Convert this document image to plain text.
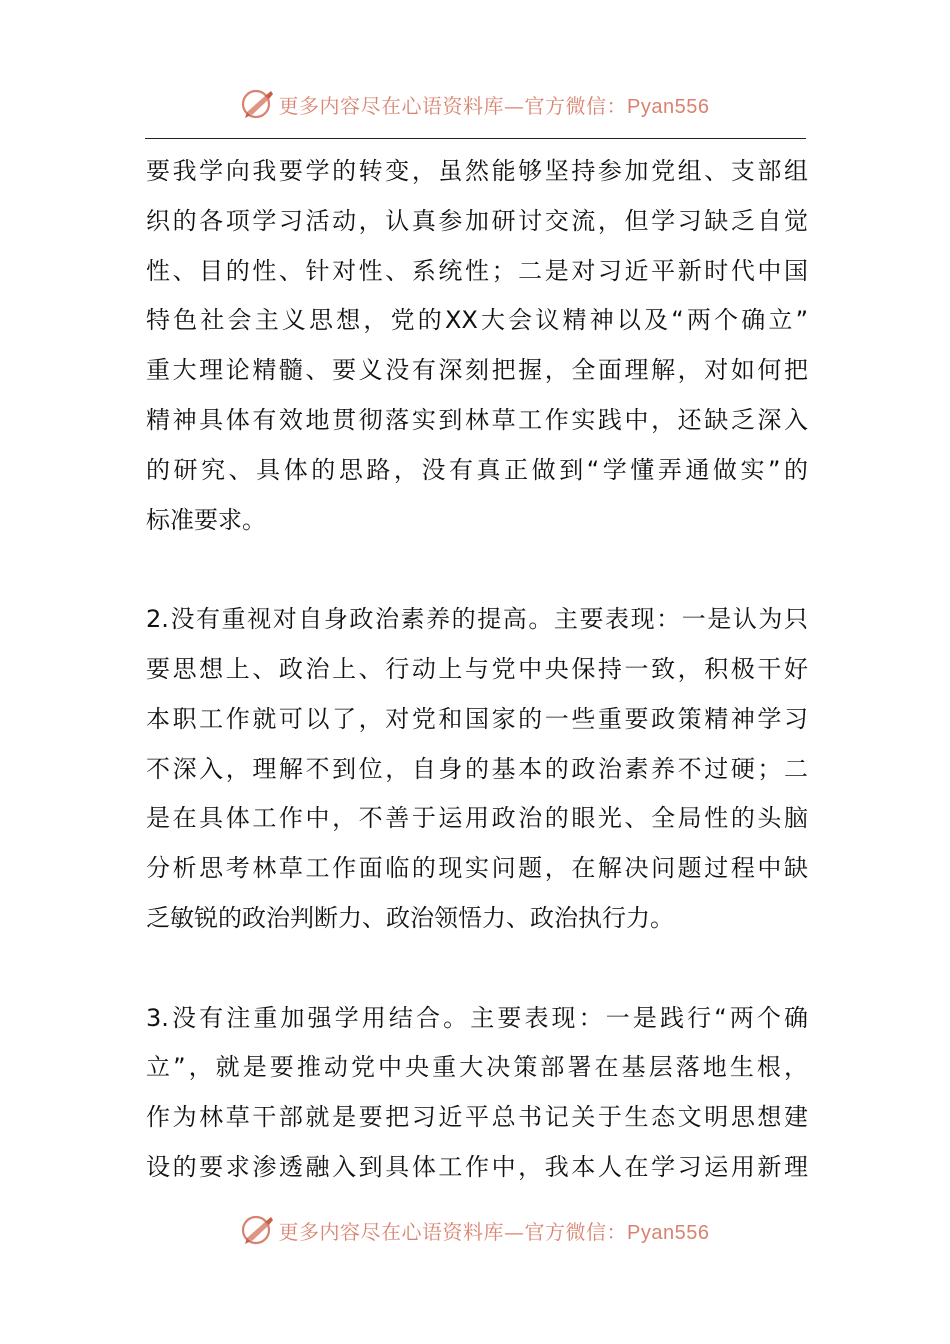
更多内容尽在心语资料库—官方微信：Pyan556
要我学向我要学的转变，虽然能够坚持参加党组、支部组
织的各项学习活动，认真参加研讨交流，但学习缺乏自觉
性、目的性、针对性、系统性；二是对习近平新时代中国
特色社会主义思想，党的XX大会议精神以及“两个确立”
重大理论精髓、要义没有深刻把握，全面理解，对如何把
精神具体有效地贯彻落实到林草工作实践中，还缺乏深入
的研究、具体的思路，没有真正做到“学懂弄通做实”的
标准要求。
2.没有重视对自身政治素养的提高。主要表现：一是认为只
要思想上、政治上、行动上与党中央保持一致，积极干好
本职工作就可以了，对党和国家的一些重要政策精神学习
不深入，理解不到位，自身的基本的政治素养不过硬；二
是在具体工作中，不善于运用政治的眼光、全局性的头脑
分析思考林草工作面临的现实问题，在解决问题过程中缺
乏敏锐的政治判断力、政治领悟力、政治执行力。
3.没有注重加强学用结合。主要表现：一是践行“两个确
立”，就是要推动党中央重大决策部署在基层落地生根，
作为林草干部就是要把习近平总书记关于生态文明思想建
设的要求渗透融入到具体工作中，我本人在学习运用新理
更多内容尽在心语资料库—官方微信：Pyan556
